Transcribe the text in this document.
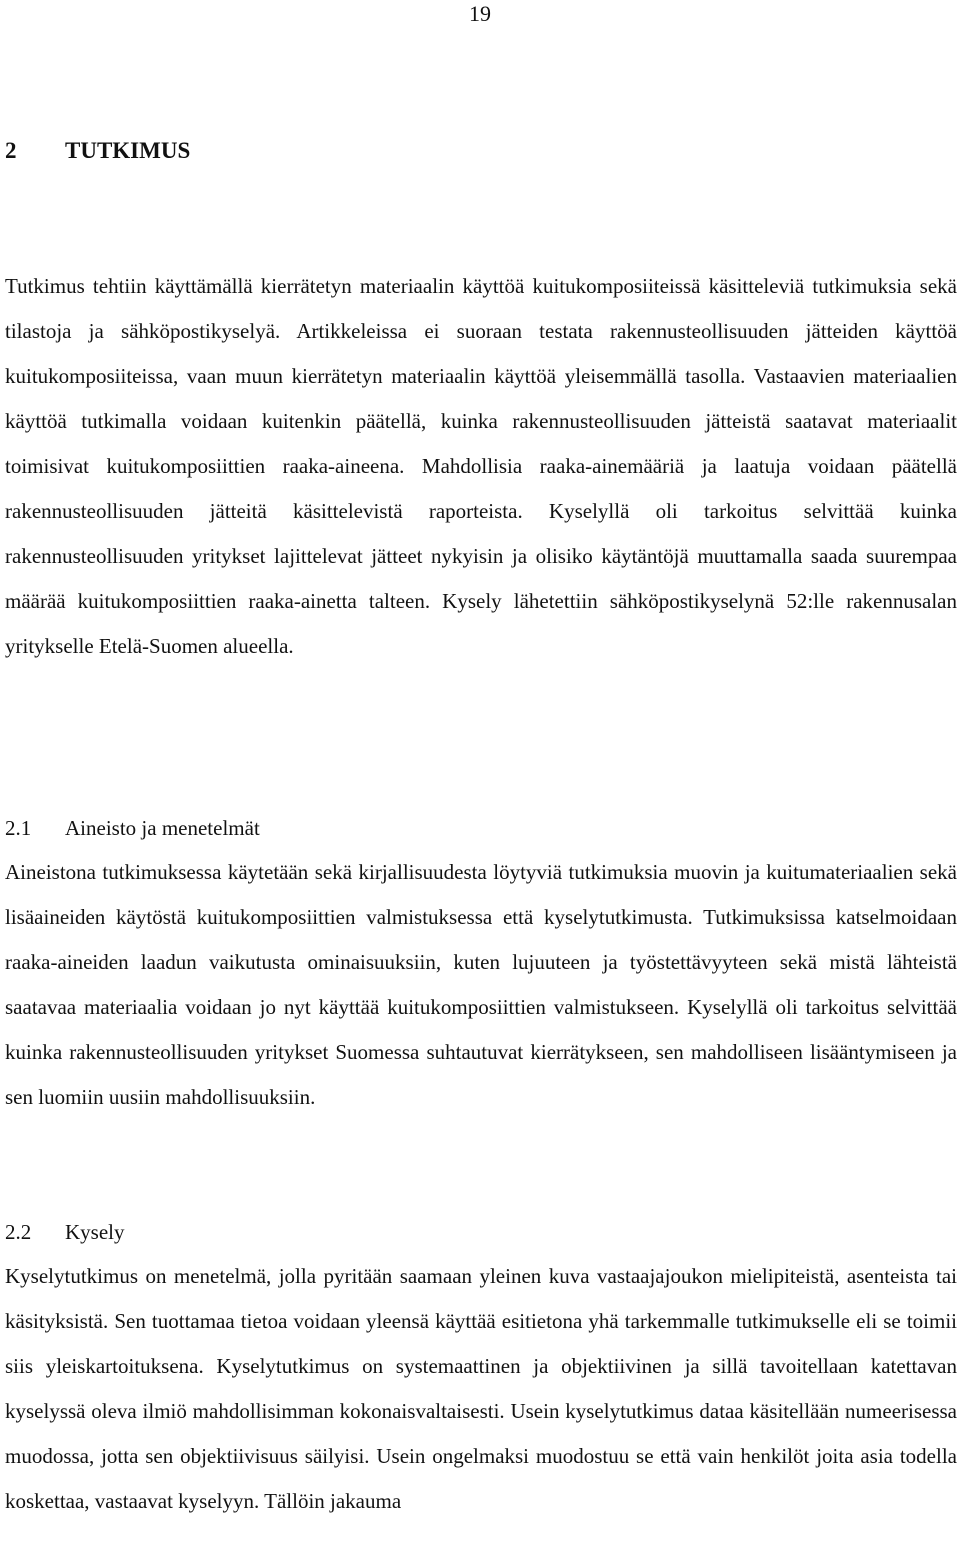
19
2 TUTKIMUS

Tutkimus tehtiin käyttämällä kierrätetyn materiaalin käyttöä kuitukomposiiteissä käsitteleviä tutkimuksia sekä tilastoja ja sähköpostikyselyä. Artikkeleissa ei suoraan testata rakennusteollisuuden jätteiden käyttöä kuitukomposiiteissa, vaan muun kierrätetyn materiaalin käyttöä yleisemmällä tasolla. Vastaavien materiaalien käyttöä tutkimalla voidaan kuitenkin päätellä, kuinka rakennusteollisuuden jätteistä saatavat materiaalit toimisivat kuitukomposiittien raaka-aineena. Mahdollisia raaka-ainemääriä ja laatuja voidaan päätellä rakennusteollisuuden jätteitä käsittelevistä raporteista. Kyselyllä oli tarkoitus selvittää kuinka rakennusteollisuuden yritykset lajittelevat jätteet nykyisin ja olisiko käytäntöjä muuttamalla saada suurempaa määrää kuitukomposiittien raaka-ainetta talteen. Kysely lähetettiin sähköpostikyselynä 52:lle rakennusalan yritykselle Etelä-Suomen alueella.

2.1 Aineisto ja menetelmät

Aineistona tutkimuksessa käytetään sekä kirjallisuudesta löytyviä tutkimuksia muovin ja kuitumateriaalien sekä lisäaineiden käytöstä kuitukomposiittien valmistuksessa että kyselytutkimusta. Tutkimuksissa katselmoidaan raaka-aineiden laadun vaikutusta ominaisuuksiin, kuten lujuuteen ja työstettävyyteen sekä mistä lähteistä saatavaa materiaalia voidaan jo nyt käyttää kuitukomposiittien valmistukseen. Kyselyllä oli tarkoitus selvittää kuinka rakennusteollisuuden yritykset Suomessa suhtautuvat kierrätykseen, sen mahdolliseen lisääntymiseen ja sen luomiin uusiin mahdollisuuksiin.

2.2 Kysely

Kyselytutkimus on menetelmä, jolla pyritään saamaan yleinen kuva vastaajajoukon mielipiteistä, asenteista tai käsityksistä. Sen tuottamaa tietoa voidaan yleensä käyttää esitietona yhä tarkemmalle tutkimukselle eli se toimii siis yleiskartoituksena. Kyselytutkimus on systemaattinen ja objektiivinen ja sillä tavoitellaan katettavan kyselyssä oleva ilmiö mahdollisimman kokonaisvaltaisesti. Usein kyselytutkimus dataa käsitellään numeerisessa muodossa, jotta sen objektiivisuus säilyisi. Usein ongelmaksi muodostuu se että vain henkilöt joita asia todella koskettaa, vastaavat kyselyyn. Tällöin jakauma
